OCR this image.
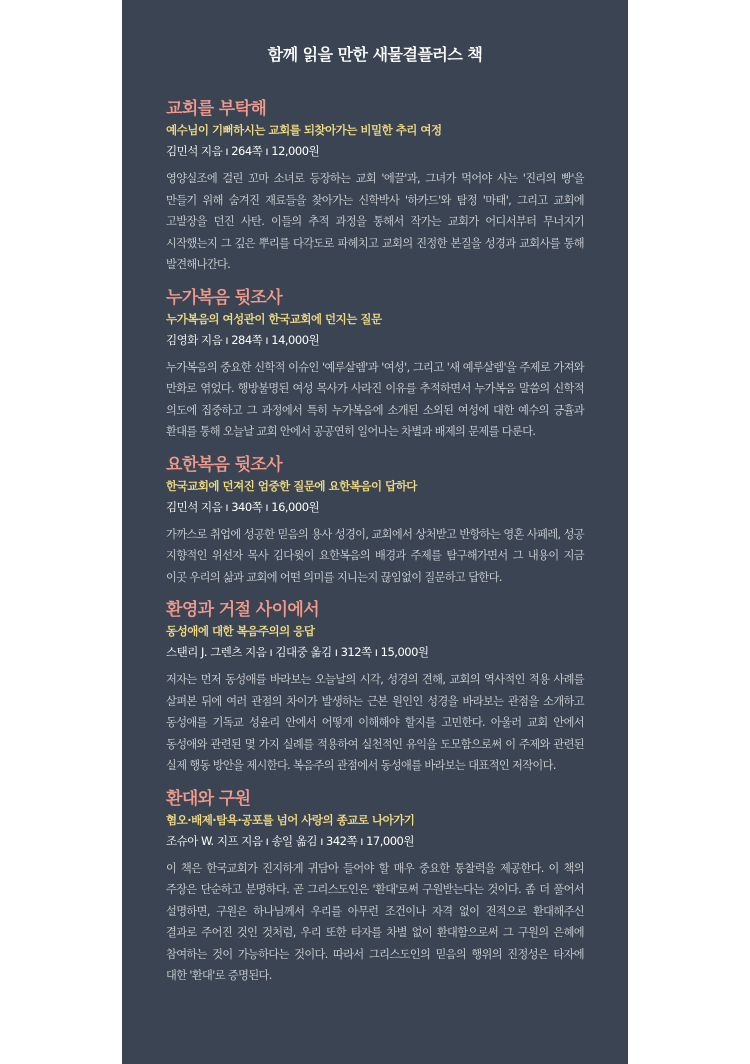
함께 읽을 만한 새물결플러스 책
교회를 부탁해
예수님이 기뻐하시는 교회를 되찾아가는 비밀한 추리 여정
김민석 지음 ı 264쪽 ı 12,000원

영양실조에 걸린 꼬마 소녀로 등장하는 교회 '에끌'과, 그녀가 먹어야 사는 '진리의 빵'을 만들기 위해 숨겨진 재료들을 찾아가는 신학박사 '하카드'와 탐정 '마태', 그리고 교회에 고발장을 던진 사탄. 이들의 추적 과정을 통해서 작가는 교회가 어디서부터 무너지기 시작했는지 그 깊은 뿌리를 다각도로 파헤치고 교회의 진정한 본질을 성경과 교회사를 통해 발견해나간다.

누가복음 뒷조사
누가복음의 여성관이 한국교회에 던지는 질문
김영화 지음 ı 284쪽 ı 14,000원

누가복음의 중요한 신학적 이슈인 '예루살렘'과 '여성', 그리고 '새 예루살렘'을 주제로 가져와 만화로 엮었다. 행방불명된 여성 목사가 사라진 이유를 추적하면서 누가복음 말씀의 신학적 의도에 집중하고 그 과정에서 특히 누가복음에 소개된 소외된 여성에 대한 예수의 긍휼과 환대를 통해 오늘날 교회 안에서 공공연히 일어나는 차별과 배제의 문제를 다룬다.

요한복음 뒷조사
한국교회에 던져진 엄중한 질문에 요한복음이 답하다
김민석 지음 ı 340쪽 ı 16,000원

가까스로 취업에 성공한 믿음의 용사 성경이, 교회에서 상처받고 반항하는 영혼 사페레, 성공 지향적인 위선자 목사 김다윗이 요한복음의 배경과 주제를 탐구해가면서 그 내용이 지금 이곳 우리의 삶과 교회에 어떤 의미를 지니는지 끊임없이 질문하고 답한다.

환영과 거절 사이에서
동성애에 대한 복음주의의 응답
스탠리 J. 그렌츠 지음 ı 김대중 옮김 ı 312쪽 ı 15,000원

저자는 먼저 동성애를 바라보는 오늘날의 시각, 성경의 견해, 교회의 역사적인 적용 사례를 살펴본 뒤에 여러 관점의 차이가 발생하는 근본 원인인 성경을 바라보는 관점을 소개하고 동성애를 기독교 성윤리 안에서 어떻게 이해해야 할지를 고민한다. 아울러 교회 안에서 동성애와 관련된 몇 가지 실례를 적용하여 실천적인 유익을 도모함으로써 이 주제와 관련된 실제 행동 방안을 제시한다. 복음주의 관점에서 동성애를 바라보는 대표적인 저작이다.

환대와 구원
혐오·배제·탐욕·공포를 넘어 사랑의 종교로 나아가기
조슈아 W. 지프 지음 ı 송일 옮김 ı 342쪽 ı 17,000원

이 책은 한국교회가 진지하게 귀담아 들어야 할 매우 중요한 통찰력을 제공한다. 이 책의 주장은 단순하고 분명하다. 곧 그리스도인은 '환대'로써 구원받는다는 것이다. 좀 더 풀어서 설명하면, 구원은 하나님께서 우리를 아무런 조건이나 자격 없이 전적으로 환대해주신 결과로 주어진 것인 것처럼, 우리 또한 타자를 차별 없이 환대함으로써 그 구원의 은혜에 참여하는 것이 가능하다는 것이다. 따라서 그리스도인의 믿음의 행위의 진정성은 타자에 대한 '환대'로 증명된다.
